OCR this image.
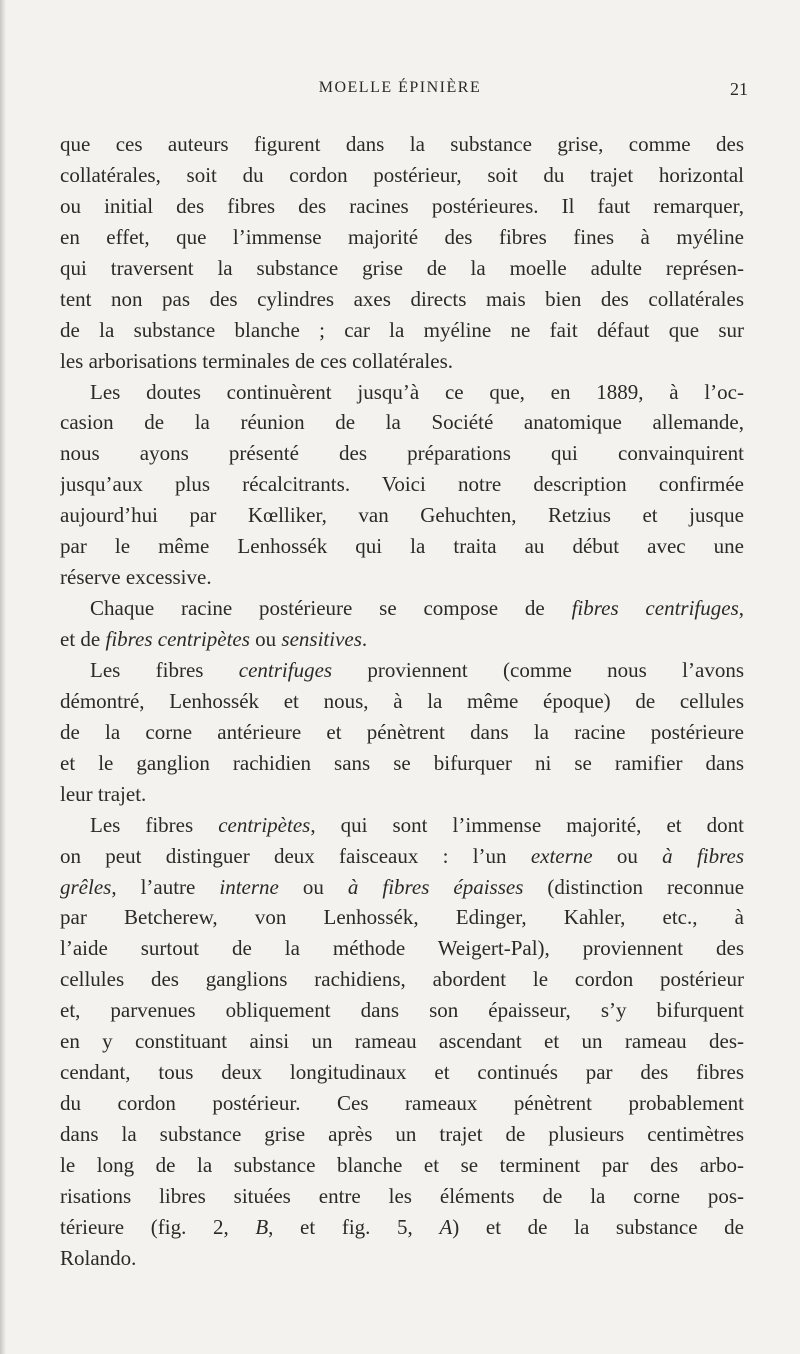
MOELLE ÉPINIÈRE	21
que ces auteurs figurent dans la substance grise, comme des
collatérales, soit du cordon postérieur, soit du trajet horizontal
ou initial des fibres des racines postérieures. Il faut remarquer,
en effet, que l’immense majorité des fibres fines à myéline
qui traversent la substance grise de la moelle adulte représen-
tent non pas des cylindres axes directs mais bien des collatérales
de la substance blanche ; car la myéline ne fait défaut que sur
les arborisations terminales de ces collatérales.
Les doutes continuèrent jusqu’à ce que, en 1889, à l’oc-
casion de la réunion de la Société anatomique allemande,
nous ayons présenté des préparations qui convainquirent
jusqu’aux plus récalcitrants. Voici notre description confirmée
aujourd’hui par Kœlliker, van Gehuchten, Retzius et jusque
par le même Lenhossék qui la traita au début avec une
réserve excessive.
Chaque racine postérieure se compose de fibres centrifuges,
et de fibres centripètes ou sensitives.
Les fibres centrifuges proviennent (comme nous l’avons
démontré, Lenhossék et nous, à la même époque) de cellules
de la corne antérieure et pénètrent dans la racine postérieure
et le ganglion rachidien sans se bifurquer ni se ramifier dans
leur trajet.
Les fibres centripètes, qui sont l’immense majorité, et dont
on peut distinguer deux faisceaux : l’un externe ou à fibres
grêles, l’autre interne ou à fibres épaisses (distinction reconnue
par Betcherew, von Lenhossék, Edinger, Kahler, etc., à
l’aide surtout de la méthode Weigert-Pal), proviennent des
cellules des ganglions rachidiens, abordent le cordon postérieur
et, parvenues obliquement dans son épaisseur, s’y bifurquent
en y constituant ainsi un rameau ascendant et un rameau des-
cendant, tous deux longitudinaux et continués par des fibres
du cordon postérieur. Ces rameaux pénètrent probablement
dans la substance grise après un trajet de plusieurs centimètres
le long de la substance blanche et se terminent par des arbo-
risations libres situées entre les éléments de la corne pos-
térieure (fig. 2, B, et fig. 5, A) et de la substance de
Rolando.
